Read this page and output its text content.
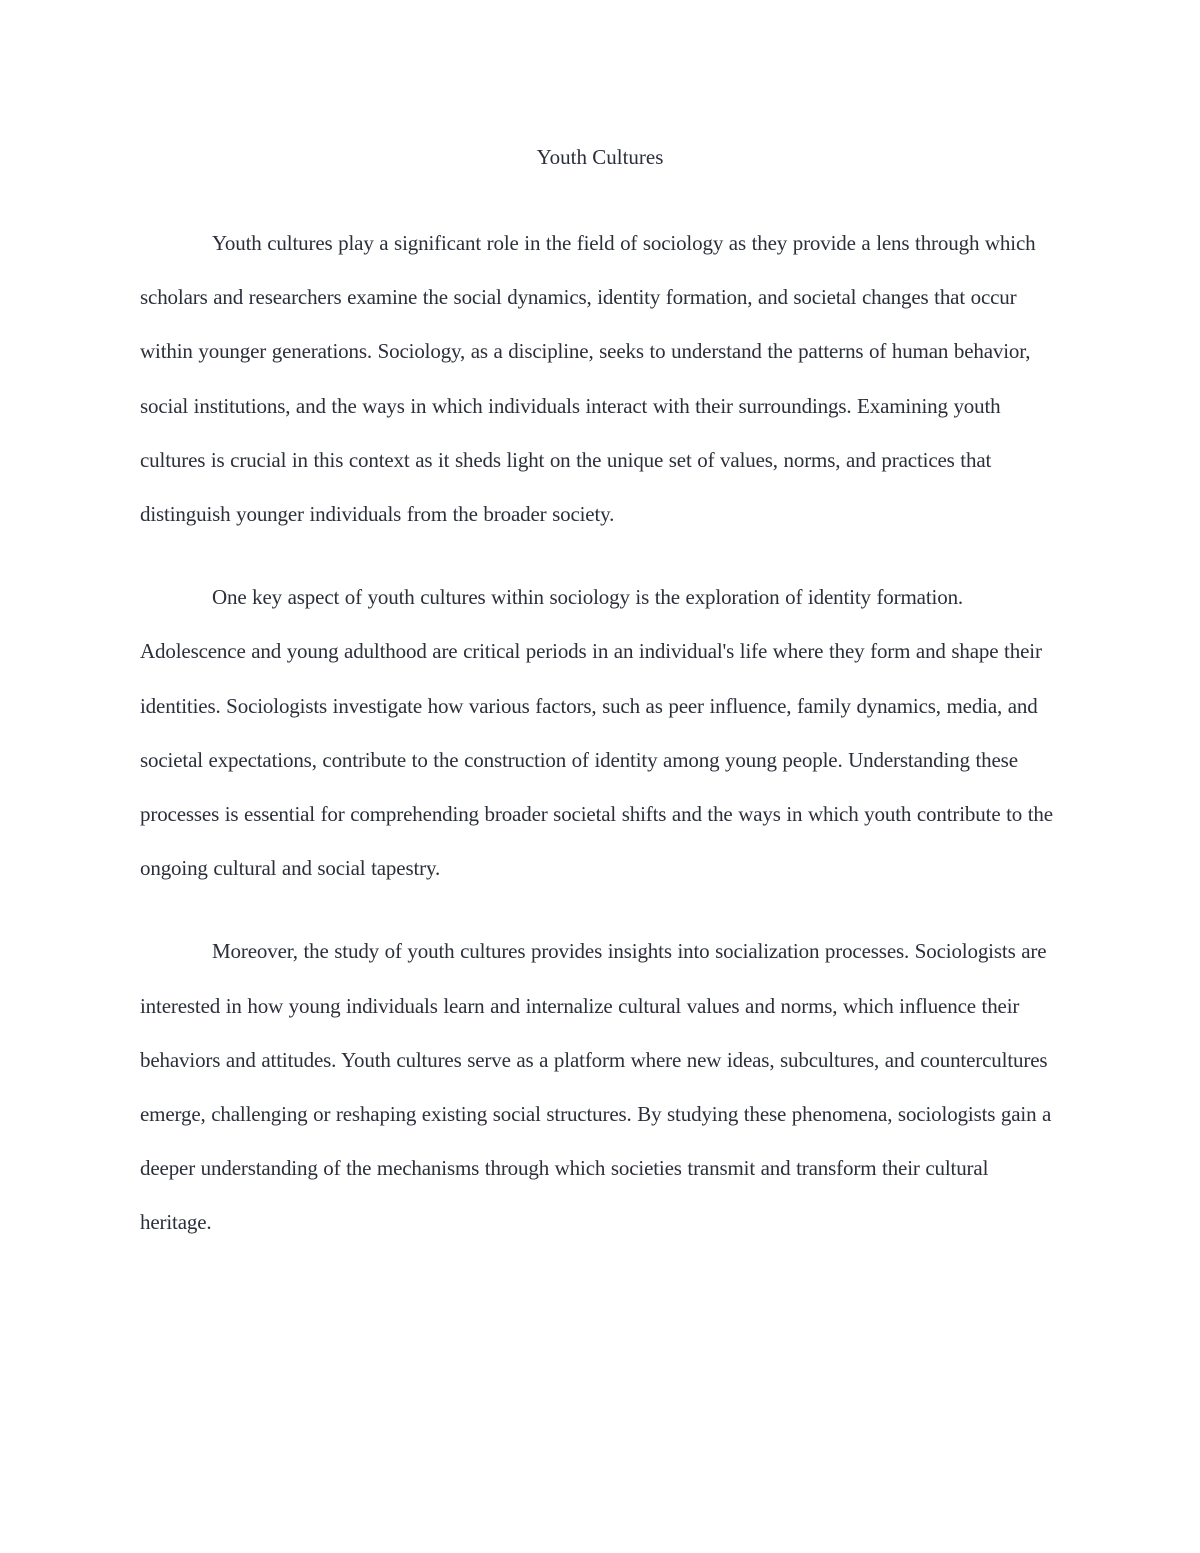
Youth Cultures

Youth cultures play a significant role in the field of sociology as they provide a lens through which scholars and researchers examine the social dynamics, identity formation, and societal changes that occur within younger generations. Sociology, as a discipline, seeks to understand the patterns of human behavior, social institutions, and the ways in which individuals interact with their surroundings. Examining youth cultures is crucial in this context as it sheds light on the unique set of values, norms, and practices that distinguish younger individuals from the broader society.

One key aspect of youth cultures within sociology is the exploration of identity formation. Adolescence and young adulthood are critical periods in an individual's life where they form and shape their identities. Sociologists investigate how various factors, such as peer influence, family dynamics, media, and societal expectations, contribute to the construction of identity among young people. Understanding these processes is essential for comprehending broader societal shifts and the ways in which youth contribute to the ongoing cultural and social tapestry.

Moreover, the study of youth cultures provides insights into socialization processes. Sociologists are interested in how young individuals learn and internalize cultural values and norms, which influence their behaviors and attitudes. Youth cultures serve as a platform where new ideas, subcultures, and countercultures emerge, challenging or reshaping existing social structures. By studying these phenomena, sociologists gain a deeper understanding of the mechanisms through which societies transmit and transform their cultural heritage.
